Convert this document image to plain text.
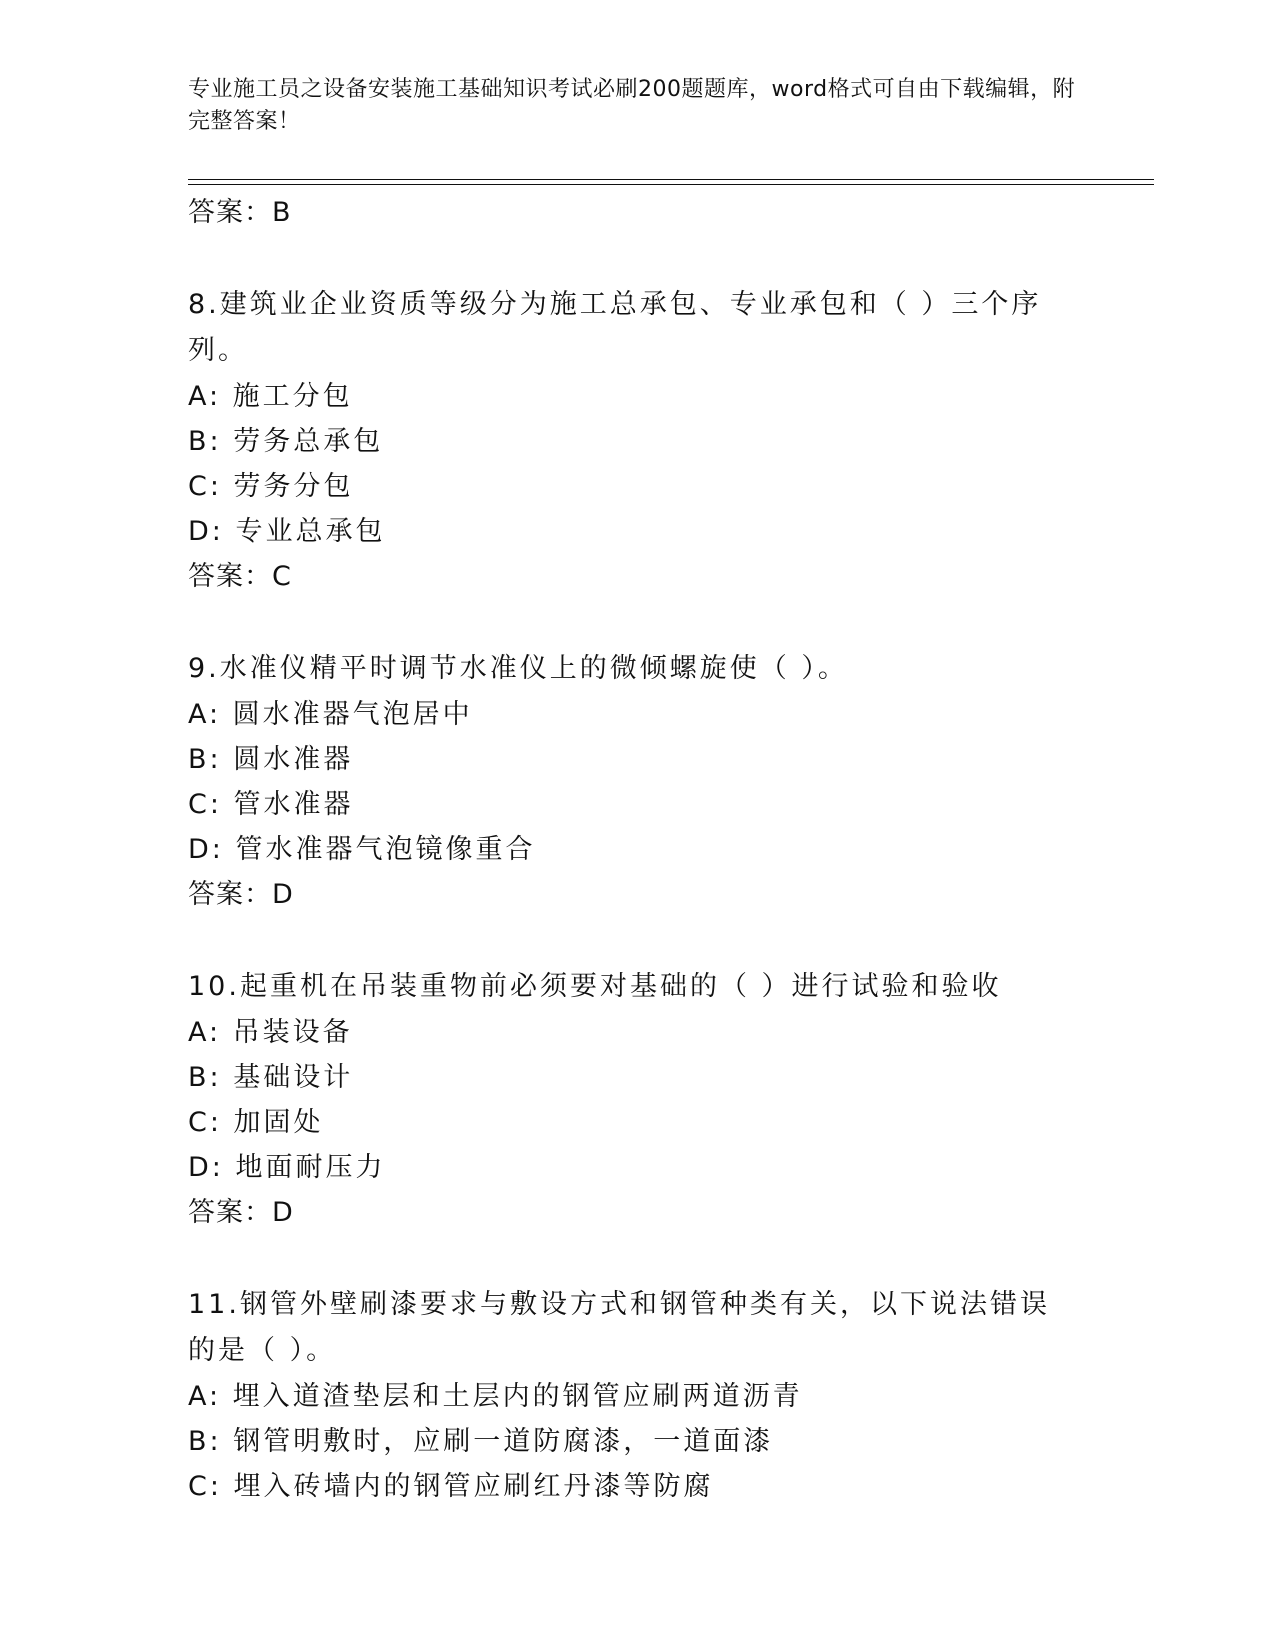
专业施工员之设备安装施工基础知识考试必刷200题题库，word格式可自由下载编辑，附完整答案！
答案：B
8.建筑业企业资质等级分为施工总承包、专业承包和（ ）三个序列。
A: 施工分包
B: 劳务总承包
C: 劳务分包
D: 专业总承包
答案：C
9.水准仪精平时调节水准仪上的微倾螺旋使（ ）。
A: 圆水准器气泡居中
B: 圆水准器
C: 管水准器
D: 管水准器气泡镜像重合
答案：D
10.起重机在吊装重物前必须要对基础的（ ）进行试验和验收
A: 吊装设备
B: 基础设计
C: 加固处
D: 地面耐压力
答案：D
11.钢管外壁刷漆要求与敷设方式和钢管种类有关，以下说法错误的是（ ）。
A: 埋入道渣垫层和土层内的钢管应刷两道沥青
B: 钢管明敷时，应刷一道防腐漆，一道面漆
C: 埋入砖墙内的钢管应刷红丹漆等防腐
